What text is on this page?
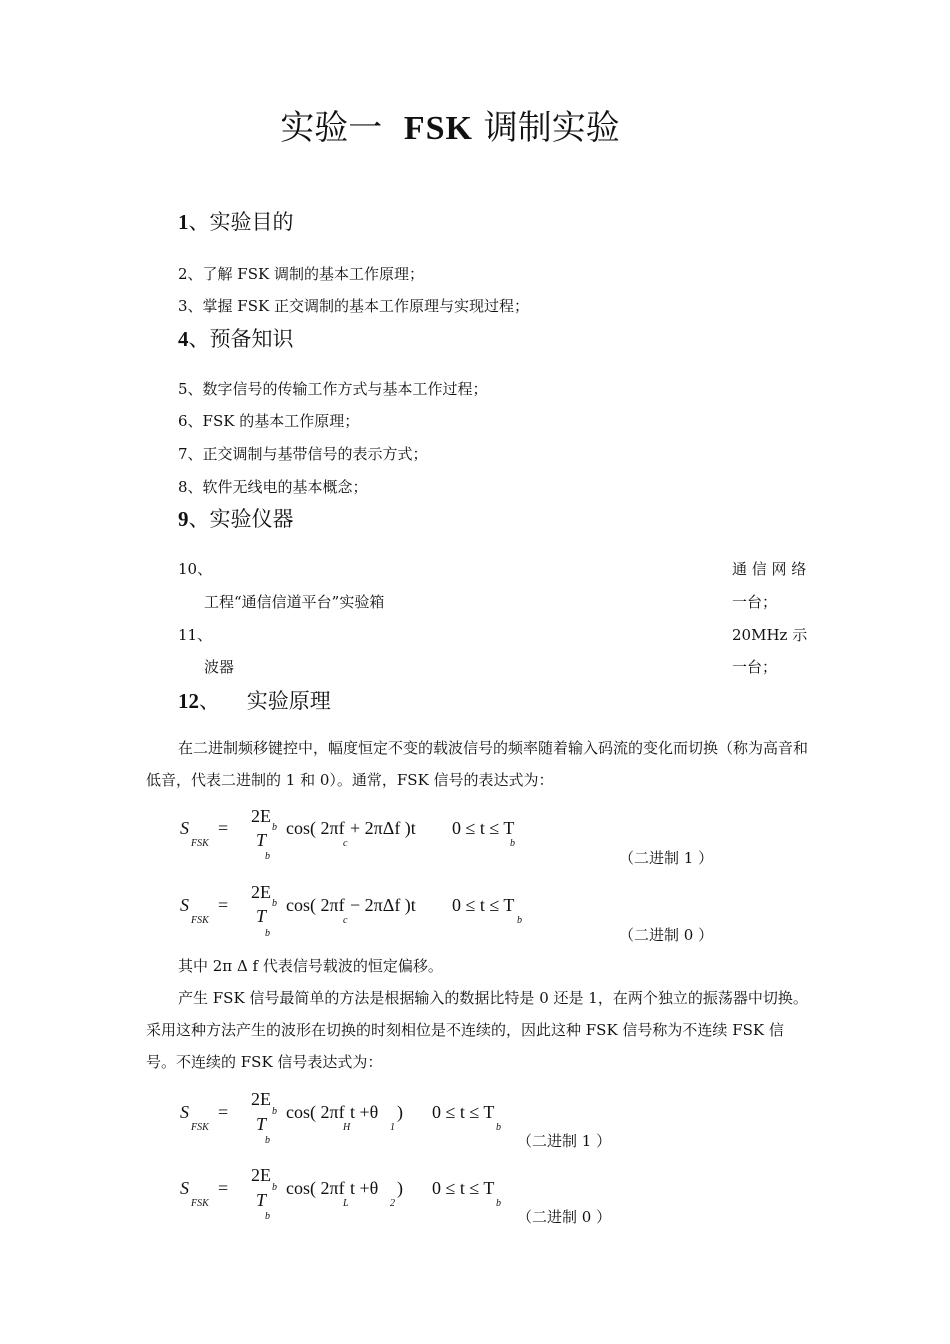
实验一 FSK 调制实验
1、实验目的
2、了解 FSK 调制的基本工作原理；
3、掌握 FSK 正交调制的基本工作原理与实现过程；
4、预备知识
5、数字信号的传输工作方式与基本工作过程；
6、FSK 的基本工作原理；
7、正交调制与基带信号的表示方式；
8、软件无线电的基本概念；
9、实验仪器
10、	通 信 网 络
工程“通信信道平台”实验箱	一台；
11、	20MHz 示
波器	一台；
12、    实验原理
在二进制频移键控中，幅度恒定不变的载波信号的频率随着输入码流的变化而切换（称为高音和低音，代表二进制的 1 和 0）。通常，FSK 信号的表达式为：
S
FSK
=
2E
b
T
b
cos( 2πf
c
+ 2πΔf )t 0 ≤ t ≤ T
b
（二进制 1 ）
S
FSK
=
2E
b
T
b
cos( 2πf
c
− 2πΔf )t 0 ≤ t ≤ T
b
（二进制 0 ）
其中 2π Δ f 代表信号载波的恒定偏移。
产生 FSK 信号最简单的方法是根据输入的数据比特是 0 还是 1，在两个独立的振荡器中切换。采用这种方法产生的波形在切换的时刻相位是不连续的，因此这种 FSK 信号称为不连续 FSK 信号。不连续的 FSK 信号表达式为：
S
FSK
=
2E
b
T
b
cos( 2πf
H
t +θ
1
) 0 ≤ t ≤ T
b
（二进制 1 ）
S
FSK
=
2E
b
T
b
cos( 2πf
L
t +θ
2
) 0 ≤ t ≤ T
b
（二进制 0 ）
